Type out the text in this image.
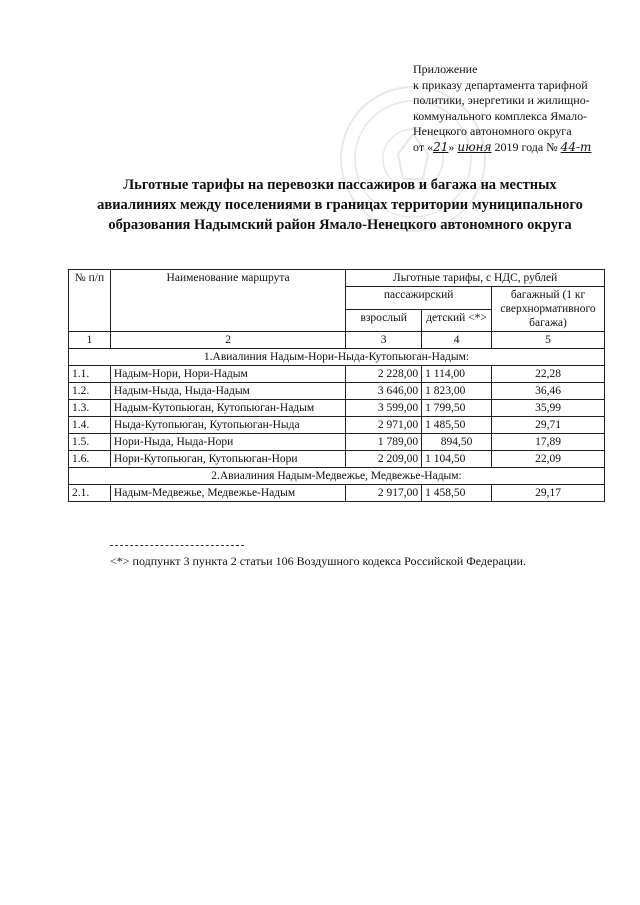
Приложение
к приказу департамента тарифной
политики, энергетики и жилищно-
коммунального комплекса Ямало-
Ненецкого автономного округа
от «21» июня 2019 года № 44-т
Льготные тарифы на перевозки пассажиров и багажа на местных
авиалиниях между поселениями в границах территории муниципального
образования Надымский район Ямало-Ненецкого автономного округа
№ п/п	Наименование маршрута	Льготные тарифы, с НДС, рублей		
		пассажирский		багажный (1 кг сверхнормативного багажа)
		взрослый	детский <*>	
1	2	3	4	5
1.Авиалиния Надым-Нори-Ныда-Кутопьюган-Надым:				
1.1.	Надым-Нори, Нори-Надым	2 228,00	1 114,00	22,28
1.2.	Надым-Ныда, Ныда-Надым	3 646,00	1 823,00	36,46
1.3.	Надым-Кутопьюган, Кутопьюган-Надым	3 599,00	1 799,50	35,99
1.4.	Ныда-Кутопьюган, Кутопьюган-Ныда	2 971,00	1 485,50	29,71
1.5.	Нори-Ныда, Ныда-Нори	1 789,00	894,50	17,89
1.6.	Нори-Кутопьюган, Кутопьюган-Нори	2 209,00	1 104,50	22,09
2.Авиалиния Надым-Медвежье, Медвежье-Надым:				
2.1.	Надым-Медвежье, Медвежье-Надым	2 917,00	1 458,50	29,17
<*> подпункт 3 пункта 2 статьи 106 Воздушного кодекса Российской Федерации.
